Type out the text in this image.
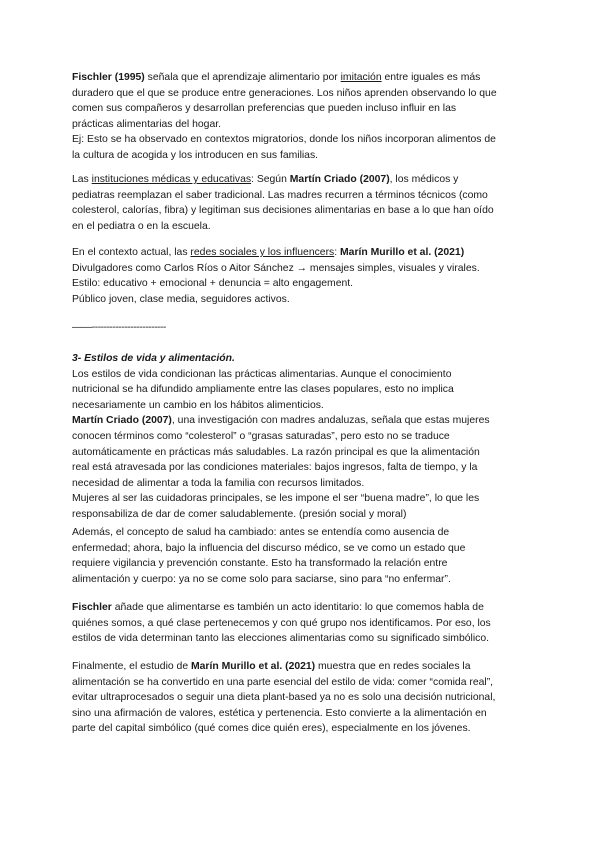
Fischler (1995) señala que el aprendizaje alimentario por imitación entre iguales es más
duradero que el que se produce entre generaciones. Los niños aprenden observando lo que
comen sus compañeros y desarrollan preferencias que pueden incluso influir en las
prácticas alimentarias del hogar.
Ej: Esto se ha observado en contextos migratorios, donde los niños incorporan alimentos de
la cultura de acogida y los introducen en sus familias.
Las instituciones médicas y educativas: Según Martín Criado (2007), los médicos y
pediatras reemplazan el saber tradicional. Las madres recurren a términos técnicos (como
colesterol, calorías, fibra) y legitiman sus decisiones alimentarias en base a lo que han oído
en el pediatra o en la escuela.
En el contexto actual, las redes sociales y los influencers: Marín Murillo et al. (2021)
Divulgadores como Carlos Ríos o Aitor Sánchez → mensajes simples, visuales y virales.
Estilo: educativo + emocional + denuncia = alto engagement.
Público joven, clase media, seguidores activos.
——-------------------------
3- Estilos de vida y alimentación.
Los estilos de vida condicionan las prácticas alimentarias. Aunque el conocimiento
nutricional se ha difundido ampliamente entre las clases populares, esto no implica
necesariamente un cambio en los hábitos alimenticios.
Martín Criado (2007), una investigación con madres andaluzas, señala que estas mujeres
conocen términos como “colesterol” o “grasas saturadas”, pero esto no se traduce
automáticamente en prácticas más saludables. La razón principal es que la alimentación
real está atravesada por las condiciones materiales: bajos ingresos, falta de tiempo, y la
necesidad de alimentar a toda la familia con recursos limitados.
Mujeres al ser las cuidadoras principales, se les impone el ser “buena madre”, lo que les
responsabiliza de dar de comer saludablemente. (presión social y moral)
Además, el concepto de salud ha cambiado: antes se entendía como ausencia de
enfermedad; ahora, bajo la influencia del discurso médico, se ve como un estado que
requiere vigilancia y prevención constante. Esto ha transformado la relación entre
alimentación y cuerpo: ya no se come solo para saciarse, sino para “no enfermar”.
Fischler añade que alimentarse es también un acto identitario: lo que comemos habla de
quiénes somos, a qué clase pertenecemos y con qué grupo nos identificamos. Por eso, los
estilos de vida determinan tanto las elecciones alimentarias como su significado simbólico.
Finalmente, el estudio de Marín Murillo et al. (2021) muestra que en redes sociales la
alimentación se ha convertido en una parte esencial del estilo de vida: comer “comida real”,
evitar ultraprocesados o seguir una dieta plant-based ya no es solo una decisión nutricional,
sino una afirmación de valores, estética y pertenencia. Esto convierte a la alimentación en
parte del capital simbólico (qué comes dice quién eres), especialmente en los jóvenes.
